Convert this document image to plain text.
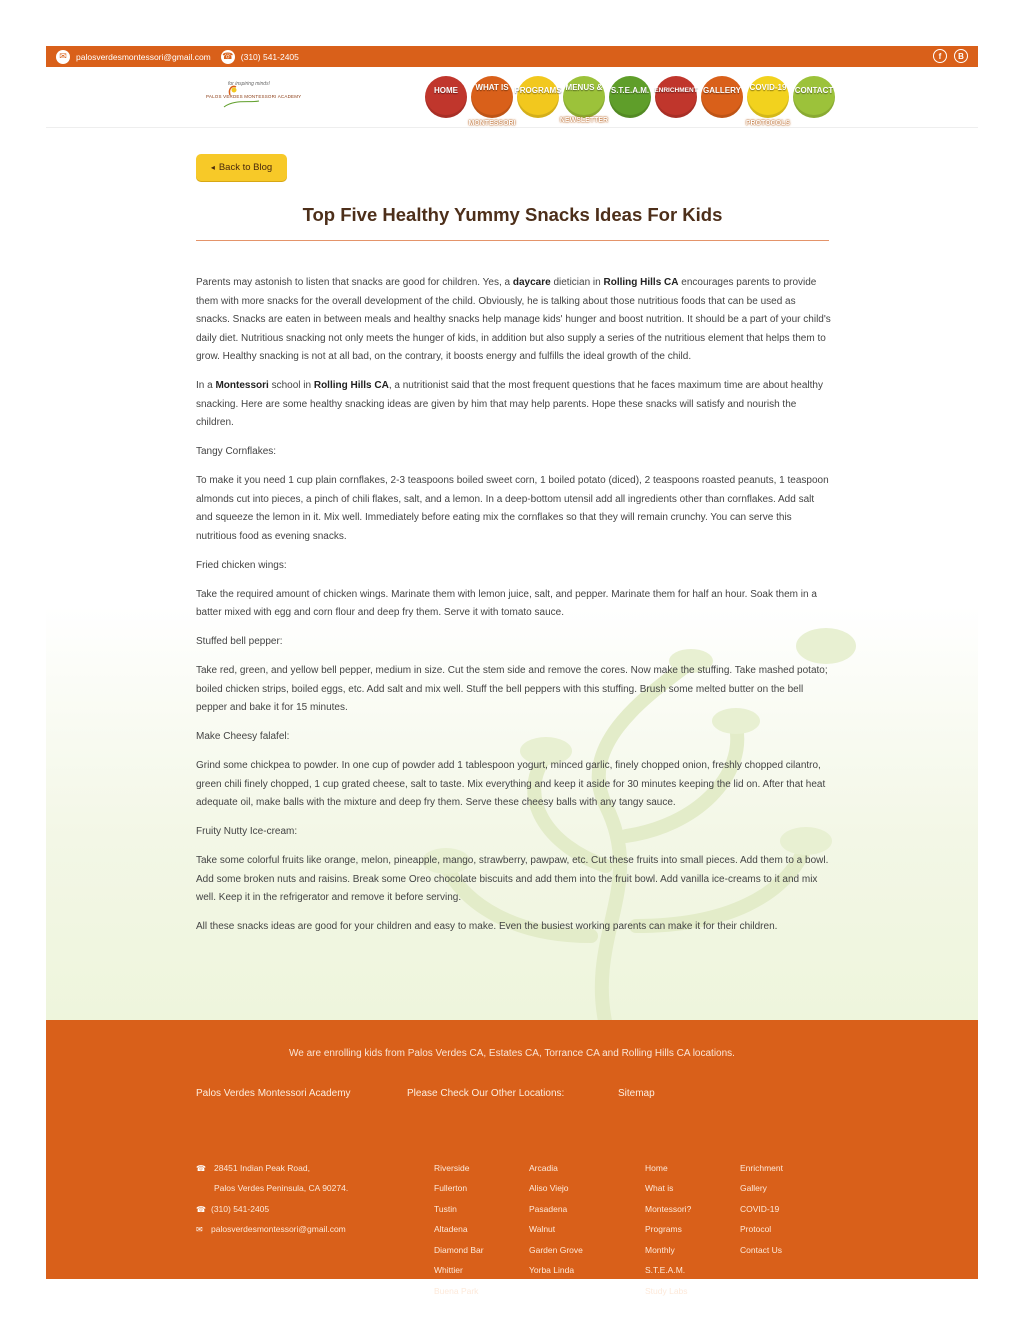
✉	palosverdesmontessori@gmail.com ☎ (310) 541-2405	f	B
for inspiring minds!
PALOS VERDES MONTESSORI ACADEMY
HOME	WHAT IS
MONTESSORI
PROGRAMS MENUS &
NEWSLETTER
S.T.E.A.M. ENRICHMENT GALLERY	COVID-19
PROTOCOLS
CONTACT
◂ Back to Blog
Top Five Healthy Yummy Snacks Ideas For Kids

Parents may astonish to listen that snacks are good for children. Yes, a daycare dietician in Rolling Hills CA encourages parents to provide them with more snacks for the overall development of the child. Obviously, he is talking about those nutritious foods that can be used as snacks. Snacks are eaten in between meals and healthy snacks help manage kids' hunger and boost nutrition. It should be a part of your child's daily diet. Nutritious snacking not only meets the hunger of kids, in addition but also supply a series of the nutritious element that helps them to grow. Healthy snacking is not at all bad, on the contrary, it boosts energy and fulfills the ideal growth of the child.

In a Montessori school in Rolling Hills CA, a nutritionist said that the most frequent questions that he faces maximum time are about healthy snacking. Here are some healthy snacking ideas are given by him that may help parents. Hope these snacks will satisfy and nourish the children.

Tangy Cornflakes:

To make it you need 1 cup plain cornflakes, 2-3 teaspoons boiled sweet corn, 1 boiled potato (diced), 2 teaspoons roasted peanuts, 1 teaspoon almonds cut into pieces, a pinch of chili flakes, salt, and a lemon. In a deep-bottom utensil add all ingredients other than cornflakes. Add salt and squeeze the lemon in it. Mix well. Immediately before eating mix the cornflakes so that they will remain crunchy. You can serve this nutritious food as evening snacks.

Fried chicken wings:

Take the required amount of chicken wings. Marinate them with lemon juice, salt, and pepper. Marinate them for half an hour. Soak them in a batter mixed with egg and corn flour and deep fry them. Serve it with tomato sauce.

Stuffed bell pepper:

Take red, green, and yellow bell pepper, medium in size. Cut the stem side and remove the cores. Now make the stuffing. Take mashed potato; boiled chicken strips, boiled eggs, etc. Add salt and mix well. Stuff the bell peppers with this stuffing. Brush some melted butter on the bell pepper and bake it for 15 minutes.

Make Cheesy falafel:

Grind some chickpea to powder. In one cup of powder add 1 tablespoon yogurt, minced garlic, finely chopped onion, freshly chopped cilantro, green chili finely chopped, 1 cup grated cheese, salt to taste. Mix everything and keep it aside for 30 minutes keeping the lid on. After that heat adequate oil, make balls with the mixture and deep fry them. Serve these cheesy balls with any tangy sauce.

Fruity Nutty Ice-cream:

Take some colorful fruits like orange, melon, pineapple, mango, strawberry, pawpaw, etc. Cut these fruits into small pieces. Add them to a bowl. Add some broken nuts and raisins. Break some Oreo chocolate biscuits and add them into the fruit bowl. Add vanilla ice-creams to it and mix well. Keep it in the refrigerator and remove it before serving.

All these snacks ideas are good for your children and easy to make. Even the busiest working parents can make it for their children.

We are enrolling kids from Palos Verdes CA, Estates CA, Torrance CA and Rolling Hills CA locations.
Palos Verdes Montessori Academy	Please Check Our Other Locations:	Sitemap
☎ 28451 Indian Peak Road,
Palos Verdes Peninsula, CA 90274.
☎ (310) 541-2405
✉ palosverdesmontessori@gmail.com
Riverside
Fullerton
Tustin
Altadena
Diamond Bar
Whittier
Buena Park
Arcadia
Aliso Viejo
Pasadena
Walnut
Garden Grove
Yorba Linda
Home
What is
Montessori?
Programs
Monthly
S.T.E.A.M.
Study Labs
Enrichment
Gallery
COVID-19
Protocol
Contact Us
